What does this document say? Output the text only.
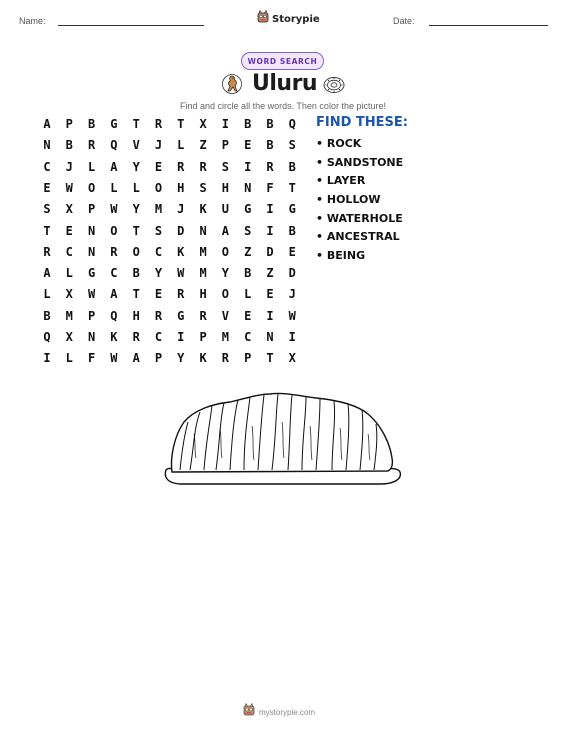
Name:	Storypie	Date:
WORD SEARCH
Uluru
Find and circle all the words. Then color the picture!
A	P	B	G	T	R	T	X	I	B	B	Q
N	B	R	Q	V	J	L	Z	P	E	B	S
C	J	L	A	Y	E	R	R	S	I	R	B
E	W	O	L	L	O	H	S	H	N	F	T
S	X	P	W	Y	M	J	K	U	G	I	G
T	E	N	O	T	S	D	N	A	S	I	B
R	C	N	R	O	C	K	M	O	Z	D	E
A	L	G	C	B	Y	W	M	Y	B	Z	D
L	X	W	A	T	E	R	H	O	L	E	J
B	M	P	Q	H	R	G	R	V	E	I	W
Q	X	N	K	R	C	I	P	M	C	N	I
I	L	F	W	A	P	Y	K	R	P	T	X
FIND THESE:
• ROCK
• SANDSTONE
• LAYER
• HOLLOW
• WATERHOLE
• ANCESTRAL
• BEING
mystorypie.com
